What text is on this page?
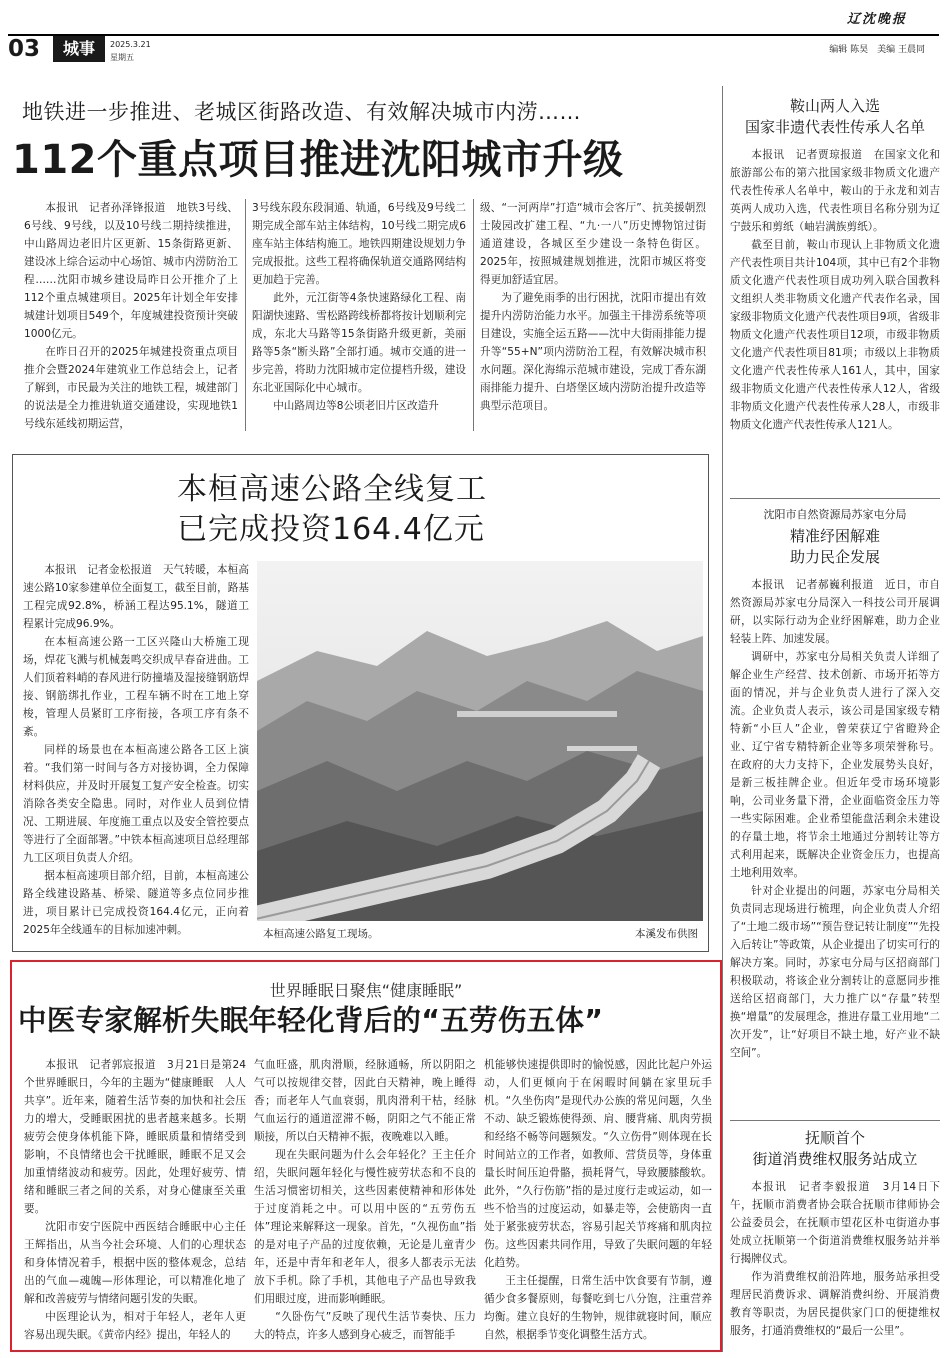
辽沈晚报
03	城事	2025.3.21
星期五
编辑 陈昊　美编 王晨同
地铁进一步推进、老城区街路改造、有效解决城市内涝……
112个重点项目推进沈阳城市升级

本报讯　记者孙泽锋报道　地铁3号线、6号线、9号线，以及10号线二期持续推进，中山路周边老旧片区更新、15条街路更新、建设冰上综合运动中心场馆、城市内涝防治工程……沈阳市城乡建设局昨日公开推介了上112个重点城建项目。2025年计划全年安排城建计划项目549个，年度城建投资预计突破1000亿元。

在昨日召开的2025年城建投资重点项目推介会暨2024年建筑业工作总结会上，记者了解到，市民最为关注的地铁工程，城建部门的说法是全力推进轨道交通建设，实现地铁1号线东延线初期运营，

3号线东段东段洞通、轨通，6号线及9号线二期完成全部车站主体结构，10号线二期完成6座车站主体结构施工。地铁四期建设规划力争完成报批。这些工程将确保轨道交通路网结构更加趋于完善。

此外，元江街等4条快速路绿化工程、南阳湖快速路、雪松路跨线桥都将按计划顺利完成，东北大马路等15条街路升级更新，美丽路等5条“断头路”全部打通。城市交通的进一步完善，将助力沈阳城市定位提档升级，建设东北亚国际化中心城市。

中山路周边等8公顷老旧片区改造升

级、“一河两岸”打造“城市会客厅”、抗美援朝烈士陵园改扩建工程、“九·一八”历史博物馆过街通道建设，各城区至少建设一条特色街区。2025年，按照城建规划推进，沈阳市城区将变得更加舒适宜居。

为了避免雨季的出行困扰，沈阳市提出有效提升内涝防治能力水平。加强主干排涝系统等项目建设，实施全运五路——沈中大街雨排能力提升等“55+N”项内涝防治工程，有效解决城市积水问题。深化海绵示范城市建设，完成丁香东湖雨排能力提升、白塔堡区域内涝防治提升改造等典型示范项目。

本桓高速公路全线复工
已完成投资164.4亿元

本报讯　记者金松报道　天气转暖，本桓高速公路10家参建单位全面复工，截至目前，路基工程完成92.8%，桥涵工程达95.1%，隧道工程累计完成96.9%。

在本桓高速公路一工区兴隆山大桥施工现场，焊花飞溅与机械轰鸣交织成早春奋进曲。工人们顶着料峭的春风进行防撞墙及湿接缝钢筋焊接、钢筋绑扎作业，工程车辆不时在工地上穿梭，管理人员紧盯工序衔接，各项工序有条不紊。

同样的场景也在本桓高速公路各工区上演着。“我们第一时间与各方对接协调，全力保障材料供应，并及时开展复工复产安全检查。切实消除各类安全隐患。同时，对作业人员到位情况、工期进展、年度施工重点以及安全管控要点等进行了全面部署。”中铁本桓高速项目总经理部九工区项目负责人介绍。

据本桓高速项目部介绍，目前，本桓高速公路全线建设路基、桥梁、隧道等多点位同步推进，项目累计已完成投资164.4亿元，正向着2025年全线通车的目标加速冲刺。	本桓高速公路复工现场。	本溪发布供图
世界睡眠日聚焦“健康睡眠”
中医专家解析失眠年轻化背后的“五劳伤五体”

本报讯　记者郭宸报道　3月21日是第24个世界睡眠日，今年的主题为“健康睡眠　人人共享”。近年来，随着生活节奏的加快和社会压力的增大，受睡眠困扰的患者越来越多。长期疲劳会使身体机能下降，睡眠质量和情绪受到影响，不良情绪也会干扰睡眠，睡眠不足又会加重情绪波动和疲劳。因此，处理好疲劳、情绪和睡眠三者之间的关系，对身心健康至关重要。

沈阳市安宁医院中西医结合睡眠中心主任王辉指出，从当今社会环境、人们的心理状态和身体情况着手，根据中医的整体观念，总结出的气血—魂魄—形体理论，可以精准化地了解和改善疲劳与情绪问题引发的失眠。

中医理论认为，相对于年轻人，老年人更容易出现失眠。《黄帝内经》提出，年轻人的

气血旺盛，肌肉滑顺，经脉通畅，所以阴阳之气可以按规律交替，因此白天精神，晚上睡得香；而老年人气血衰弱，肌肉滑利干枯，经脉气血运行的通道涩滞不畅，阴阳之气不能正常顺接，所以白天精神不振，夜晚难以入睡。

现在失眠问题为什么会年轻化？王主任介绍，失眠问题年轻化与慢性疲劳状态和不良的生活习惯密切相关，这些因素使精神和形体处于过度消耗之中。可以用中医的“五劳伤五体”理论来解释这一现象。首先，“久视伤血”指的是对电子产品的过度依赖，无论是儿童青少年，还是中青年和老年人，很多人都表示无法放下手机。除了手机，其他电子产品也导致我们用眼过度，进而影响睡眠。

“久卧伤气”反映了现代生活节奏快、压力大的特点，许多人感到身心疲乏，而智能手

机能够快速提供即时的愉悦感，因此比起户外运动，人们更倾向于在闲暇时间躺在家里玩手机。“久坐伤肉”是现代办公族的常见问题，久坐不动、缺乏锻炼使得颈、肩、腰背痛、肌肉劳损和经络不畅等问题频发。“久立伤骨”则体现在长时间站立的工作者，如教师、营货员等，身体重量长时间压迫骨骼，损耗肾气，导致腰膝酸软。此外，“久行伤筋”指的是过度行走或运动，如一些不恰当的过度运动，如暴走等，会使筋肉一直处于紧张疲劳状态，容易引起关节疼痛和肌肉拉伤。这些因素共同作用，导致了失眠问题的年轻化趋势。

王主任提醒，日常生活中饮食要有节制，遵循少食多餐原则，每餐吃到七八分饱，注重营养均衡。建立良好的生物钟，规律就寝时间，顺应自然，根据季节变化调整生活方式。

鞍山两人入选
国家非遗代表性传承人名单

本报讯　记者贾琼报道　在国家文化和旅游部公布的第六批国家级非物质文化遗产代表性传承人名单中，鞍山的于永龙和刘吉英两人成功入选，代表性项目名称分别为辽宁鼓乐和剪纸（岫岩满族剪纸）。

截至目前，鞍山市现认上非物质文化遗产代表性项目共计104项，其中已有2个非物质文化遗产代表性项目成功列入联合国教科文组织人类非物质文化遗产代表作名录，国家级非物质文化遗产代表性项目9项，省级非物质文化遗产代表性项目12项，市级非物质文化遗产代表性项目81项；市级以上非物质文化遗产代表性传承人161人，其中，国家级非物质文化遗产代表性传承人12人，省级非物质文化遗产代表性传承人28人，市级非物质文化遗产代表性传承人121人。

沈阳市自然资源局苏家屯分局
精准纾困解难
助力民企发展

本报讯　记者郝巍利报道　近日，市自然资源局苏家屯分局深入一科技公司开展调研，以实际行动为企业纾困解难，助力企业轻装上阵、加速发展。

调研中，苏家屯分局相关负责人详细了解企业生产经营、技术创新、市场开拓等方面的情况，并与企业负责人进行了深入交流。企业负责人表示，该公司是国家级专精特新“小巨人”企业，曾荣获辽宁省瞪羚企业、辽宁省专精特新企业等多项荣誉称号。在政府的大力支持下，企业发展势头良好，是新三板挂牌企业。但近年受市场环境影响，公司业务量下滑，企业面临资金压力等一些实际困难。企业希望能盘活剩余未建设的存量土地，将节余土地通过分割转让等方式利用起来，既解决企业资金压力，也提高土地利用效率。

针对企业提出的问题，苏家屯分局相关负责同志现场进行梳理，向企业负责人介绍了“土地二级市场”“预告登记转让制度”“先投入后转让”等政策，从企业提出了切实可行的解决方案。同时，苏家屯分局与区招商部门积极联动，将该企业分割转让的意愿同步推送给区招商部门，大力推广以“存量”转型换“增量”的发展理念，推进存量工业用地“二次开发”，让“好项目不缺土地，好产业不缺空间”。

抚顺首个
街道消费维权服务站成立

本报讯　记者李毅报道　3月14日下午，抚顺市消费者协会联合抚顺市律师协会公益委员会，在抚顺市望花区朴屯街道办事处成立抚顺第一个街道消费维权服务站并举行揭牌仪式。

作为消费维权前沿阵地，服务站承担受理居民消费诉求、调解消费纠纷、开展消费教育等职责，为居民提供家门口的便捷维权服务，打通消费维权的“最后一公里”。
